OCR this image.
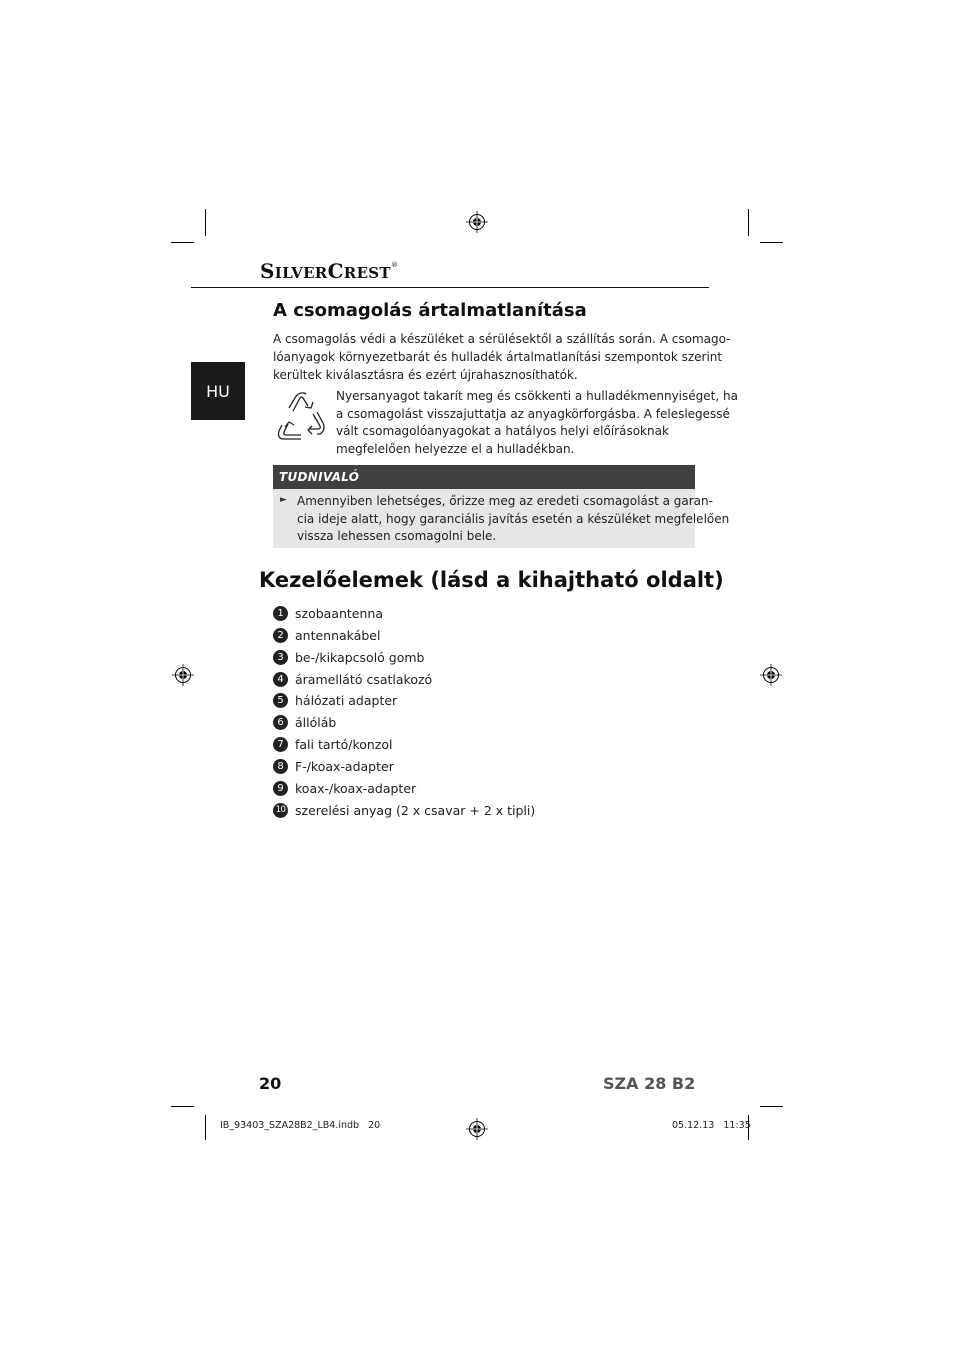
SILVERCREST®
HU
A csomagolás ártalmatlanítása
A csomagolás védi a készüléket a sérülésektől a szállítás során. A csomago-
lóanyagok környezetbarát és hulladék ártalmatlanítási szempontok szerint
kerültek kiválasztásra és ezért újrahasznosíthatók.
Nyersanyagot takarít meg és csökkenti a hulladékmennyiséget, ha
a csomagolást visszajuttatja az anyagkörforgásba. A feleslegessé
vált csomagolóanyagokat a hatályos helyi előírásoknak
megfelelően helyezze el a hulladékban.
TUDNIVALÓ
► Amennyiben lehetséges, őrizze meg az eredeti csomagolást a garan-
cia ideje alatt, hogy garanciális javítás esetén a készüléket megfelelően
vissza lehessen csomagolni bele.
Kezelőelemek (lásd a kihajtható oldalt)
1 szobaantenna
2 antennakábel
3 be-/kikapcsoló gomb
4 áramellátó csatlakozó
5 hálózati adapter
6 állóláb
7 fali tartó/konzol
8 F-/koax-adapter
9 koax-/koax-adapter
10 szerelési anyag (2 x csavar + 2 x tipli)
20	SZA 28 B2
IB_93403_SZA28B2_LB4.indb   20	05.12.13   11:35
